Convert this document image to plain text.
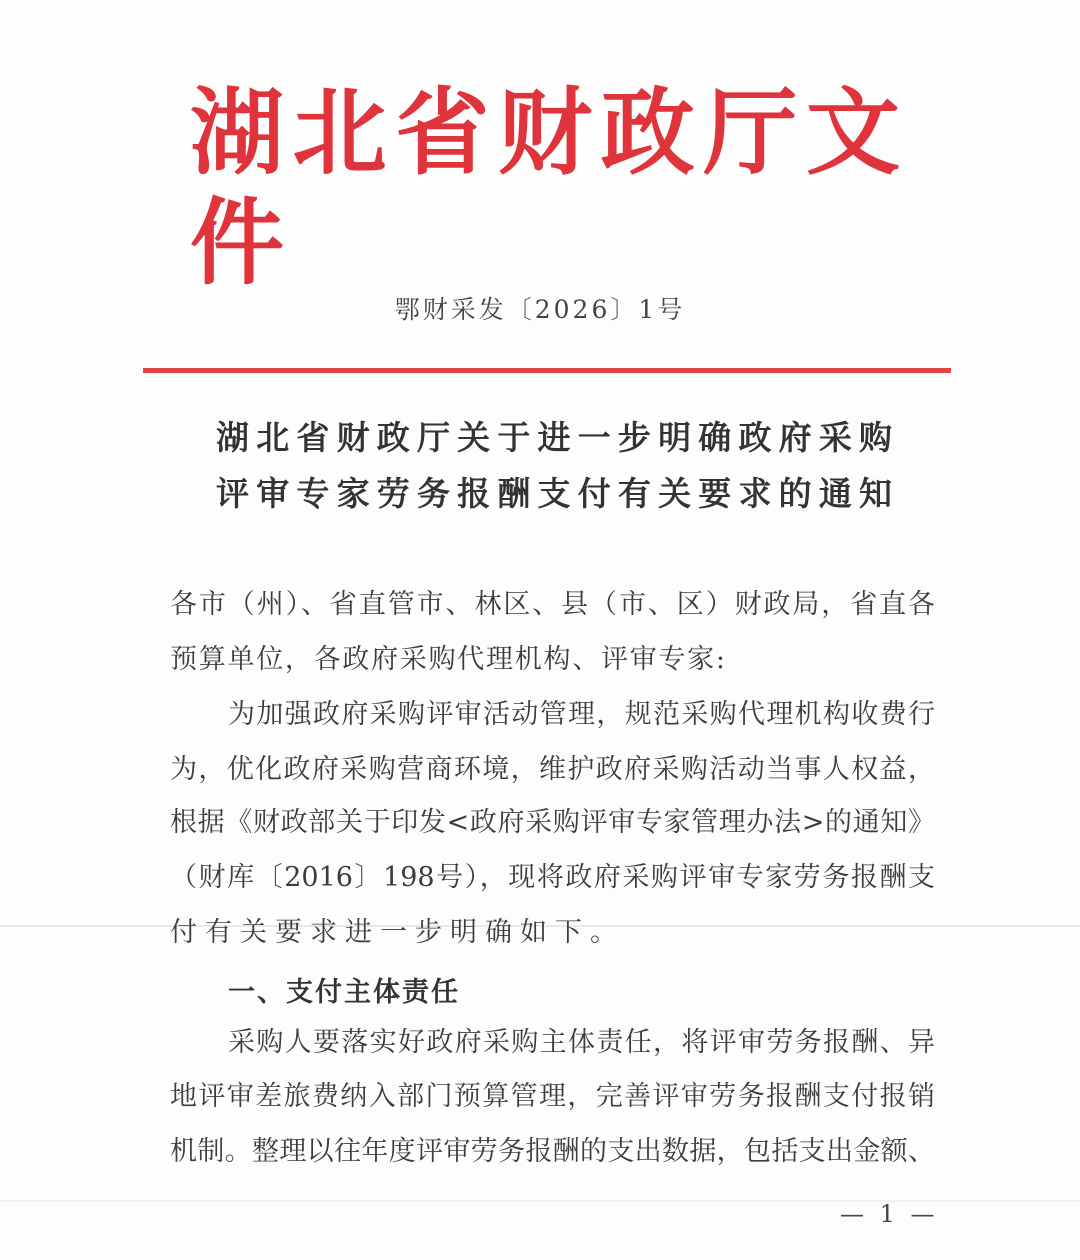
湖北省财政厅文件
鄂财采发〔2026〕1号
湖北省财政厅关于进一步明确政府采购
评审专家劳务报酬支付有关要求的通知
各市（州）、省直管市、林区、县（市、区）财政局，省直各
预算单位，各政府采购代理机构、评审专家:
为加强政府采购评审活动管理，规范采购代理机构收费行
为，优化政府采购营商环境，维护政府采购活动当事人权益，
根据《财政部关于印发<政府采购评审专家管理办法>的通知》
（财库〔2016〕198号），现将政府采购评审专家劳务报酬支
付有关要求进一步明确如下。
一、支付主体责任
采购人要落实好政府采购主体责任，将评审劳务报酬、异
地评审差旅费纳入部门预算管理，完善评审劳务报酬支付报销
机制。整理以往年度评审劳务报酬的支出数据，包括支出金额、
— 1 —
